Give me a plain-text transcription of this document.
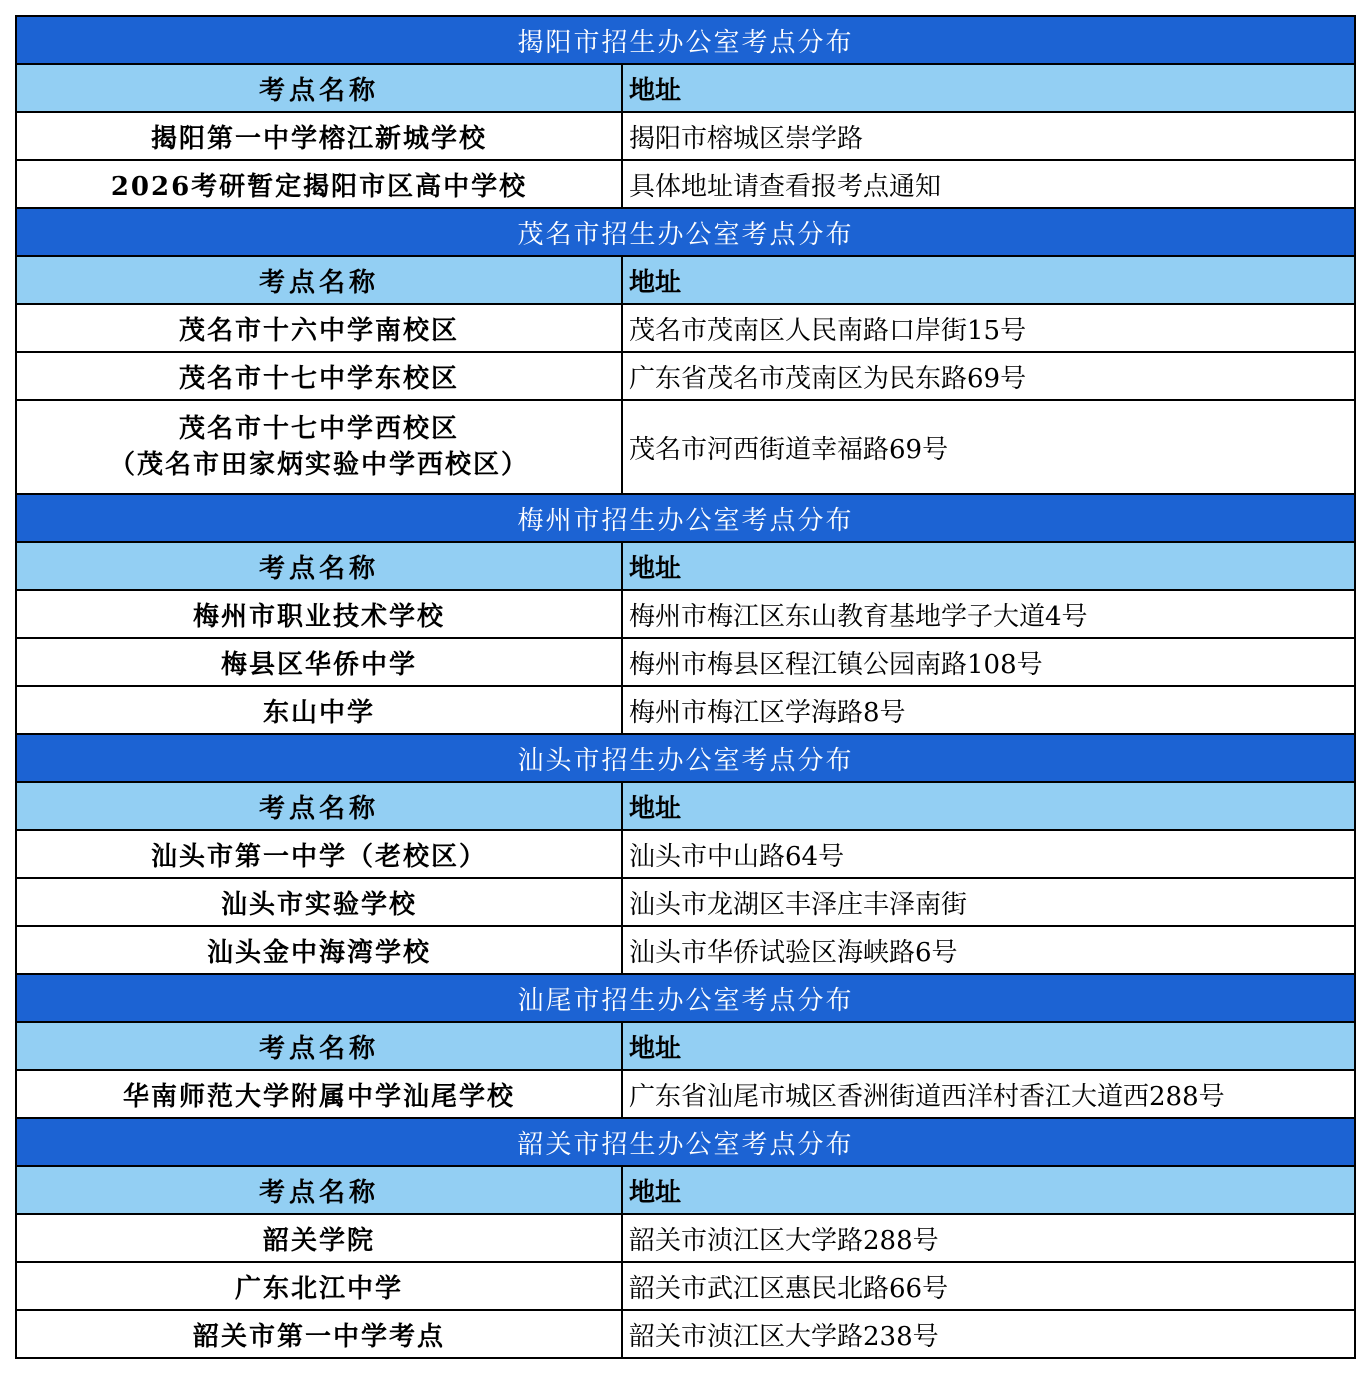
揭阳市招生办公室考点分布	
考点名称	地址
揭阳第一中学榕江新城学校	揭阳市榕城区崇学路
2026考研暂定揭阳市区高中学校	具体地址请查看报考点通知
茂名市招生办公室考点分布	
考点名称	地址
茂名市十六中学南校区	茂名市茂南区人民南路口岸街15号
茂名市十七中学东校区	广东省茂名市茂南区为民东路69号

茂名市十七中学西校区
（茂名市田家炳实验中学西校区）	茂名市河西街道幸福路69号
梅州市招生办公室考点分布	
考点名称	地址
梅州市职业技术学校	梅州市梅江区东山教育基地学子大道4号
梅县区华侨中学	梅州市梅县区程江镇公园南路108号
东山中学	梅州市梅江区学海路8号
汕头市招生办公室考点分布	
考点名称	地址
汕头市第一中学（老校区）	汕头市中山路64号
汕头市实验学校	汕头市龙湖区丰泽庄丰泽南街
汕头金中海湾学校	汕头市华侨试验区海峡路6号
汕尾市招生办公室考点分布	
考点名称	地址
华南师范大学附属中学汕尾学校	广东省汕尾市城区香洲街道西洋村香江大道西288号
韶关市招生办公室考点分布	
考点名称	地址
韶关学院	韶关市浈江区大学路288号
广东北江中学	韶关市武江区惠民北路66号
韶关市第一中学考点	韶关市浈江区大学路238号
